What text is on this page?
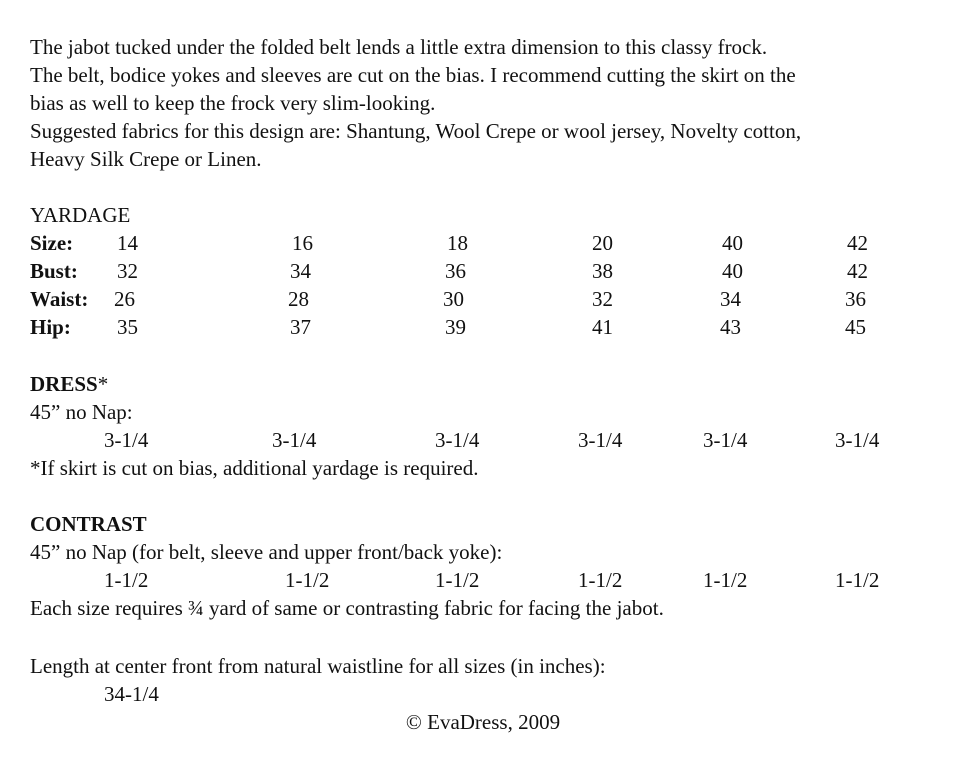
The jabot tucked under the folded belt lends a little extra dimension to this classy frock.
The belt, bodice yokes and sleeves are cut on the bias. I recommend cutting the skirt on the
bias as well to keep the frock very slim-looking.
Suggested fabrics for this design are: Shantung, Wool Crepe or wool jersey, Novelty cotton,
Heavy Silk Crepe or Linen.
YARDAGE
Size: 14	16	18	20	40	42
Bust: 32	34	36	38	40	42
Waist: 26	28	30	32	34	36
Hip: 35	37	39	41	43	45
DRESS*
45” no Nap:
3-1/4	3-1/4	3-1/4	3-1/4	3-1/4	3-1/4
*If skirt is cut on bias, additional yardage is required.
CONTRAST
45” no Nap (for belt, sleeve and upper front/back yoke):
1-1/2	1-1/2	1-1/2	1-1/2	1-1/2	1-1/2
Each size requires ¾ yard of same or contrasting fabric for facing the jabot.
Length at center front from natural waistline for all sizes (in inches):
34-1/4
© EvaDress, 2009
